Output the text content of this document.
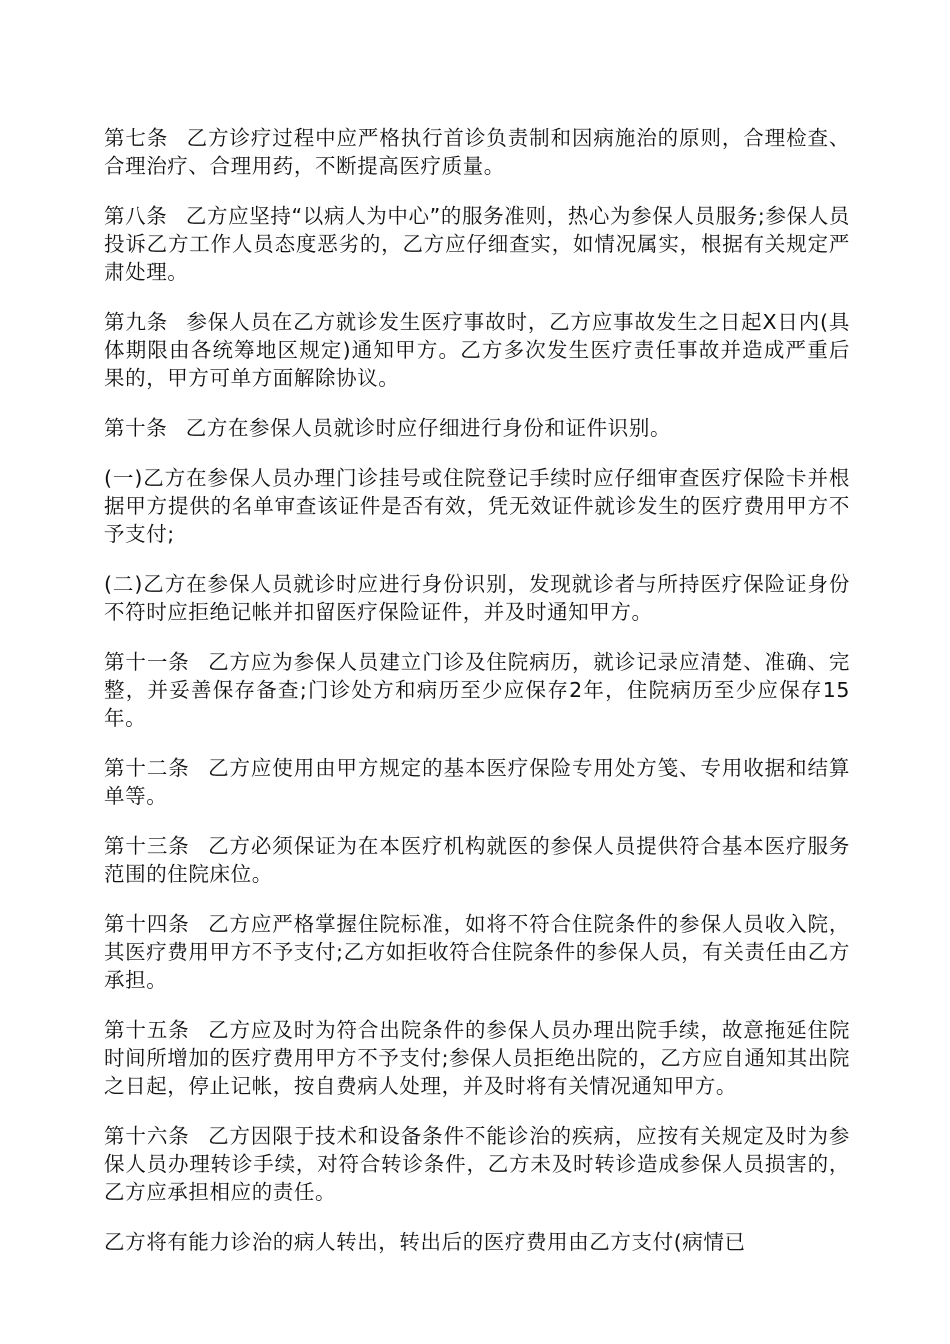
第七条 乙方诊疗过程中应严格执行首诊负责制和因病施治的原则，合理检查、合理治疗、合理用药，不断提高医疗质量。

第八条 乙方应坚持“以病人为中心”的服务准则，热心为参保人员服务;参保人员投诉乙方工作人员态度恶劣的，乙方应仔细查实，如情况属实，根据有关规定严肃处理。

第九条 参保人员在乙方就诊发生医疗事故时，乙方应事故发生之日起X日内(具体期限由各统筹地区规定)通知甲方。乙方多次发生医疗责任事故并造成严重后果的，甲方可单方面解除协议。

第十条 乙方在参保人员就诊时应仔细进行身份和证件识别。

(一)乙方在参保人员办理门诊挂号或住院登记手续时应仔细审查医疗保险卡并根据甲方提供的名单审查该证件是否有效，凭无效证件就诊发生的医疗费用甲方不予支付;

(二)乙方在参保人员就诊时应进行身份识别，发现就诊者与所持医疗保险证身份不符时应拒绝记帐并扣留医疗保险证件，并及时通知甲方。

第十一条 乙方应为参保人员建立门诊及住院病历，就诊记录应清楚、准确、完整，并妥善保存备查;门诊处方和病历至少应保存2年，住院病历至少应保存15年。

第十二条 乙方应使用由甲方规定的基本医疗保险专用处方笺、专用收据和结算单等。

第十三条 乙方必须保证为在本医疗机构就医的参保人员提供符合基本医疗服务范围的住院床位。

第十四条 乙方应严格掌握住院标准，如将不符合住院条件的参保人员收入院，其医疗费用甲方不予支付;乙方如拒收符合住院条件的参保人员，有关责任由乙方承担。

第十五条 乙方应及时为符合出院条件的参保人员办理出院手续，故意拖延住院时间所增加的医疗费用甲方不予支付;参保人员拒绝出院的，乙方应自通知其出院之日起，停止记帐，按自费病人处理，并及时将有关情况通知甲方。

第十六条 乙方因限于技术和设备条件不能诊治的疾病，应按有关规定及时为参保人员办理转诊手续，对符合转诊条件，乙方未及时转诊造成参保人员损害的，乙方应承担相应的责任。

乙方将有能力诊治的病人转出，转出后的医疗费用由乙方支付(病情已
